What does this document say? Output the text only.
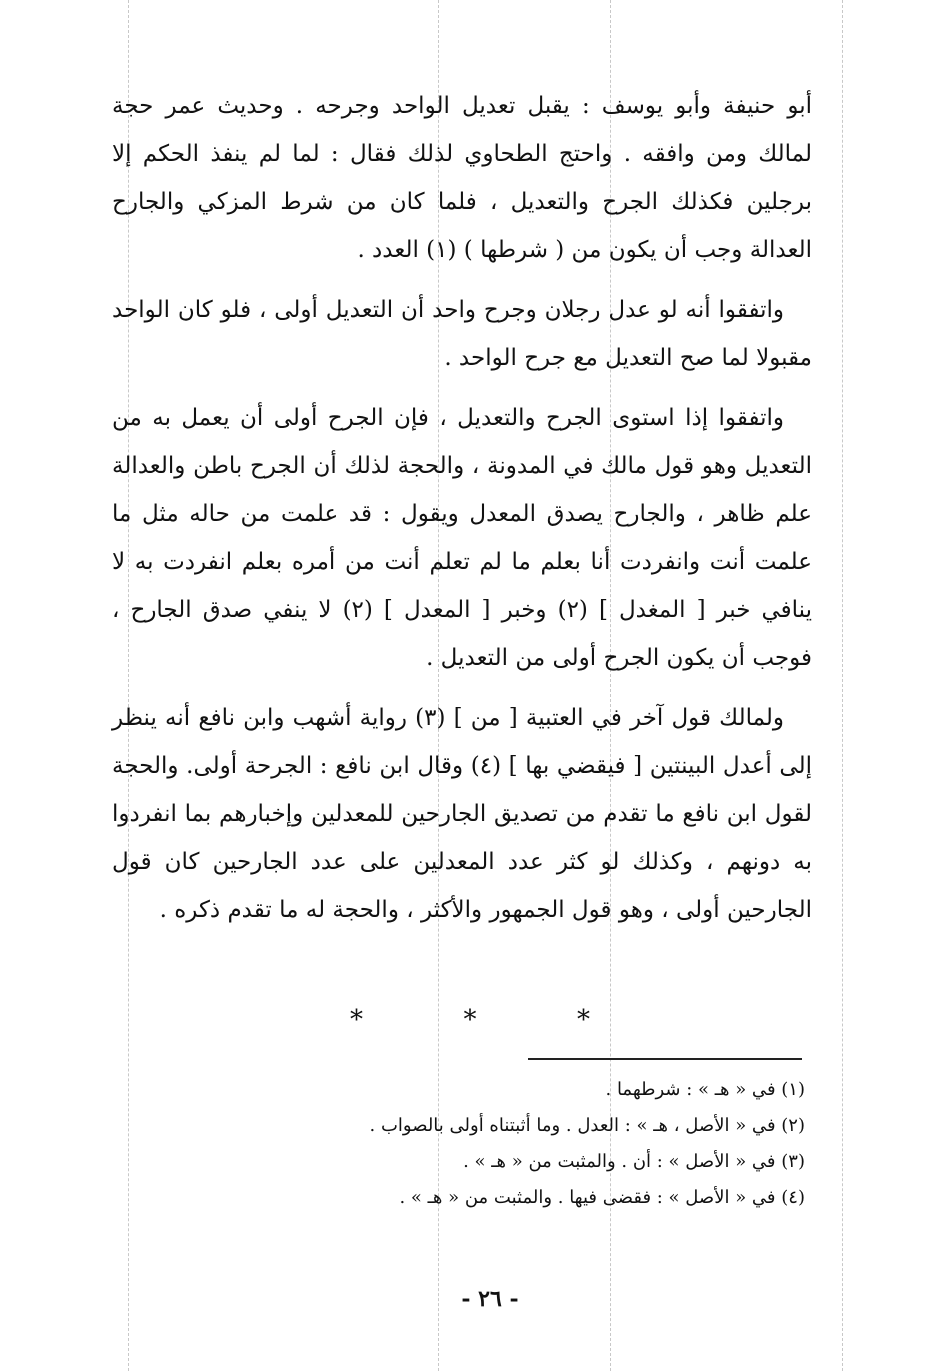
أبو حنيفة وأبو يوسف : يقبل تعديل الواحد وجرحه . وحديث عمر حجة لمالك ومن وافقه . واحتج الطحاوي لذلك فقال : لما لم ينفذ الحكم إلا برجلين فكذلك الجرح والتعديل ، فلما كان من شرط المزكي والجارح العدالة وجب أن يكون من ( شرطها ) (١) العدد .

واتفقوا أنه لو عدل رجلان وجرح واحد أن التعديل أولى ، فلو كان الواحد مقبولا لما صح التعديل مع جرح الواحد .

واتفقوا إذا استوى الجرح والتعديل ، فإن الجرح أولى أن يعمل به من التعديل وهو قول مالك في المدونة ، والحجة لذلك أن الجرح باطن والعدالة علم ظاهر ، والجارح يصدق المعدل ويقول : قد علمت من حاله مثل ما علمت أنت وانفردت أنا بعلم ما لم تعلم أنت من أمره بعلم انفردت به لا ينافي خبر [ المغدل ] (٢) وخبر [ المعدل ] (٢) لا ينفي صدق الجارح ، فوجب أن يكون الجرح أولى من التعديل .

ولمالك قول آخر في العتبية [ من ] (٣) رواية أشهب وابن نافع أنه ينظر إلى أعدل البينتين [ فيقضي بها ] (٤) وقال ابن نافع : الجرحة أولى. والحجة لقول ابن نافع ما تقدم من تصديق الجارحين للمعدلين وإخبارهم بما انفردوا به دونهم ، وكذلك لو كثر عدد المعدلين على عدد الجارحين كان قول الجارحين أولى ، وهو قول الجمهور والأكثر ، والحجة له ما تقدم ذكره .

*
*
*

(١) في « هـ » : شرطهما .

(٢) في « الأصل ، هـ » : العدل . وما أثبتناه أولى بالصواب .

(٣) في « الأصل » : أن . والمثبت من « هـ » .

(٤) في « الأصل » : فقضى فيها . والمثبت من « هـ » .

- ٢٦ -
